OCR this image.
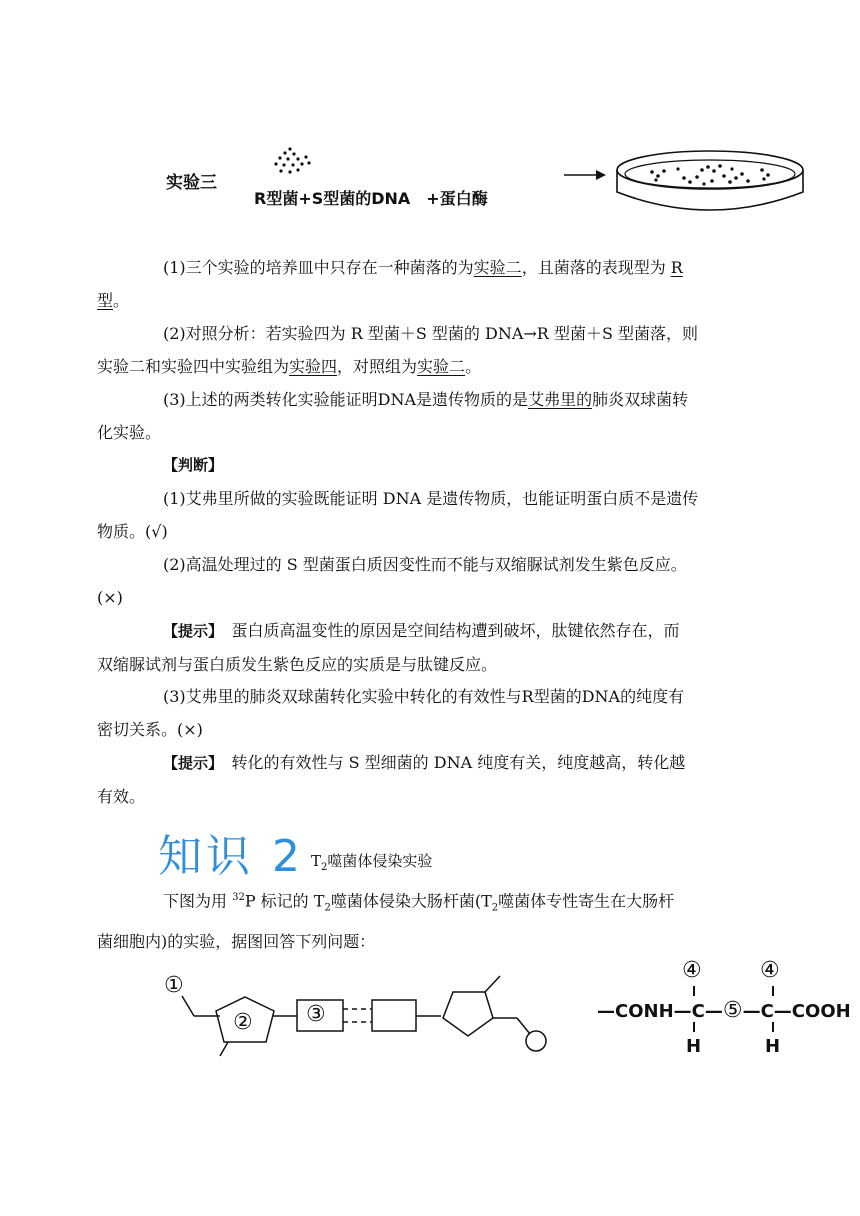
实验三
R型菌+S型菌的DNA　+蛋白酶
(1)三个实验的培养皿中只存在一种菌落的为实验二，且菌落的表现型为 R
型。
(2)对照分析：若实验四为 R 型菌＋S 型菌的 DNA→R 型菌＋S 型菌落，则
实验二和实验四中实验组为实验四，对照组为实验二。
(3)上述的两类转化实验能证明DNA是遗传物质的是艾弗里的肺炎双球菌转
化实验。
【判断】
(1)艾弗里所做的实验既能证明 DNA 是遗传物质，也能证明蛋白质不是遗传
物质。(√)
(2)高温处理过的 S 型菌蛋白质因变性而不能与双缩脲试剂发生紫色反应。
(×)
【提示】　蛋白质高温变性的原因是空间结构遭到破坏，肽键依然存在，而
双缩脲试剂与蛋白质发生紫色反应的实质是与肽键反应。
(3)艾弗里的肺炎双球菌转化实验中转化的有效性与R型菌的DNA的纯度有
密切关系。(×)
【提示】　转化的有效性与 S 型细菌的 DNA 纯度有关，纯度越高，转化越
有效。
知识 2 $T_2$噬菌体侵染实验
下图为用 $^{32}$P 标记的 $T_2$噬菌体侵染大肠杆菌($T_2$噬菌体专性寄生在大肠杆
菌细胞内)的实验，据图回答下列问题：
①
② ③
④	④
—CONH—C—⑤—C—COOH
H	H
